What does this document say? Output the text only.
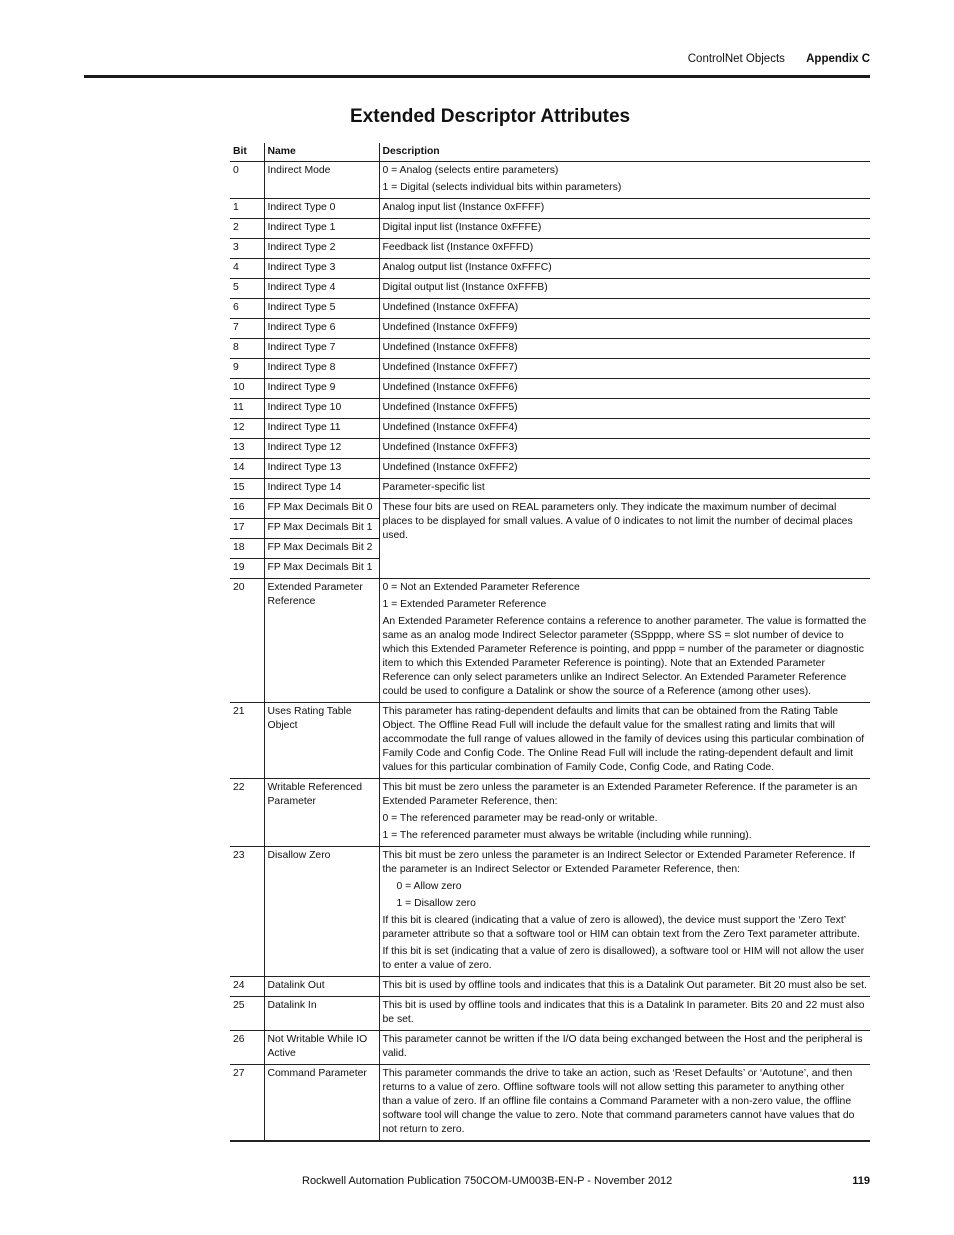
ControlNet Objects Appendix C
Extended Descriptor Attributes
Bit	Name	Description
0	Indirect Mode	0 = Analog (selects entire parameters)

1 = Digital (selects individual bits within parameters)

1	Indirect Type 0	Analog input list (Instance 0xFFFF)

2	Indirect Type 1	Digital input list (Instance 0xFFFE)

3	Indirect Type 2	Feedback list (Instance 0xFFFD)

4	Indirect Type 3	Analog output list (Instance 0xFFFC)

5	Indirect Type 4	Digital output list (Instance 0xFFFB)

6	Indirect Type 5	Undefined (Instance 0xFFFA)

7	Indirect Type 6	Undefined (Instance 0xFFF9)

8	Indirect Type 7	Undefined (Instance 0xFFF8)

9	Indirect Type 8	Undefined (Instance 0xFFF7)

10	Indirect Type 9	Undefined (Instance 0xFFF6)

11	Indirect Type 10	Undefined (Instance 0xFFF5)

12	Indirect Type 11	Undefined (Instance 0xFFF4)

13	Indirect Type 12	Undefined (Instance 0xFFF3)

14	Indirect Type 13	Undefined (Instance 0xFFF2)

15	Indirect Type 14	Parameter-specific list

16	FP Max Decimals Bit 0	These four bits are used on REAL parameters only. They indicate the maximum number of decimal places to be displayed for small values. A value of 0 indicates to not limit the number of decimal places used.

17	FP Max Decimals Bit 1	
18	FP Max Decimals Bit 2	
19	FP Max Decimals Bit 1	
20	Extended Parameter Reference	0 = Not an Extended Parameter Reference

1 = Extended Parameter Reference

An Extended Parameter Reference contains a reference to another parameter. The value is formatted the same as an analog mode Indirect Selector parameter (SSpppp, where SS = slot number of device to which this Extended Parameter Reference is pointing, and pppp = number of the parameter or diagnostic item to which this Extended Parameter Reference is pointing). Note that an Extended Parameter Reference can only select parameters unlike an Indirect Selector. An Extended Parameter Reference could be used to configure a Datalink or show the source of a Reference (among other uses).

21	Uses Rating Table Object	This parameter has rating-dependent defaults and limits that can be obtained from the Rating Table Object. The Offline Read Full will include the default value for the smallest rating and limits that will accommodate the full range of values allowed in the family of devices using this particular combination of Family Code and Config Code. The Online Read Full will include the rating-dependent default and limit values for this particular combination of Family Code, Config Code, and Rating Code.

22	Writable Referenced Parameter	This bit must be zero unless the parameter is an Extended Parameter Reference. If the parameter is an Extended Parameter Reference, then:

0 = The referenced parameter may be read-only or writable.

1 = The referenced parameter must always be writable (including while running).

23	Disallow Zero	This bit must be zero unless the parameter is an Indirect Selector or Extended Parameter Reference. If the parameter is an Indirect Selector or Extended Parameter Reference, then:

0 = Allow zero

1 = Disallow zero

If this bit is cleared (indicating that a value of zero is allowed), the device must support the ‘Zero Text’ parameter attribute so that a software tool or HIM can obtain text from the Zero Text parameter attribute.

If this bit is set (indicating that a value of zero is disallowed), a software tool or HIM will not allow the user to enter a value of zero.

24	Datalink Out	This bit is used by offline tools and indicates that this is a Datalink Out parameter. Bit 20 must also be set.

25	Datalink In	This bit is used by offline tools and indicates that this is a Datalink In parameter. Bits 20 and 22 must also be set.

26	Not Writable While IO Active	This parameter cannot be written if the I/O data being exchanged between the Host and the peripheral is valid.

27	Command Parameter	This parameter commands the drive to take an action, such as ‘Reset Defaults’ or ‘Autotune’, and then returns to a value of zero. Offline software tools will not allow setting this parameter to anything other than a value of zero. If an offline file contains a Command Parameter with a non-zero value, the offline software tool will change the value to zero. Note that command parameters cannot have values that do not return to zero.

Rockwell Automation Publication 750COM-UM003B-EN-P - November 2012	119
